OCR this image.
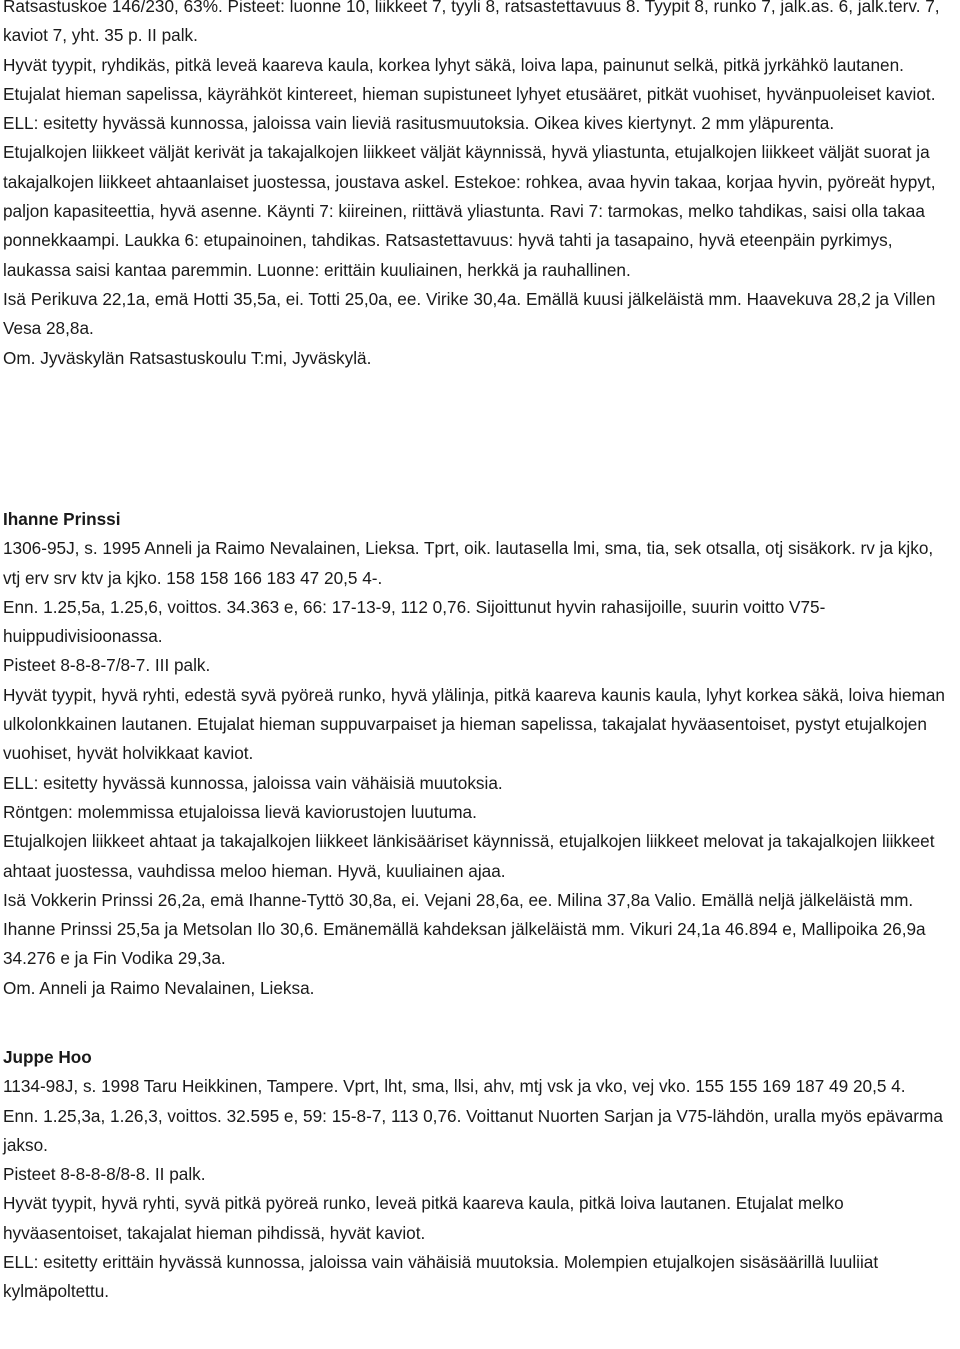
Ratsastuskoe 146/230, 63%. Pisteet: luonne 10, liikkeet 7, tyyli 8, ratsastettavuus 8. Tyypit 8, runko 7, jalk.as. 6, jalk.terv. 7, kaviot 7, yht. 35 p. II palk.

Hyvät tyypit, ryhdikäs, pitkä leveä kaareva kaula, korkea lyhyt säkä, loiva lapa, painunut selkä, pitkä jyrkähkö lautanen. Etujalat hieman sapelissa, käyrähköt kintereet, hieman supistuneet lyhyet etusääret, pitkät vuohiset, hyvänpuoleiset kaviot.

ELL: esitetty hyvässä kunnossa, jaloissa vain lieviä rasitusmuutoksia. Oikea kives kiertynyt. 2 mm yläpurenta.

Etujalkojen liikkeet väljät kerivät ja takajalkojen liikkeet väljät käynnissä, hyvä yliastunta, etujalkojen liikkeet väljät suorat ja takajalkojen liikkeet ahtaanlaiset juostessa, joustava askel. Estekoe: rohkea, avaa hyvin takaa, korjaa hyvin, pyöreät hypyt, paljon kapasiteettia, hyvä asenne. Käynti 7: kiireinen, riittävä yliastunta. Ravi 7: tarmokas, melko tahdikas, saisi olla takaa ponnekkaampi. Laukka 6: etupainoinen, tahdikas. Ratsastettavuus: hyvä tahti ja tasapaino, hyvä eteenpäin pyrkimys, laukassa saisi kantaa paremmin. Luonne: erittäin kuuliainen, herkkä ja rauhallinen.

Isä Perikuva 22,1a, emä Hotti 35,5a, ei. Totti 25,0a, ee. Virike 30,4a. Emällä kuusi jälkeläistä mm. Haavekuva 28,2 ja Villen Vesa 28,8a.

Om. Jyväskylän Ratsastuskoulu T:mi, Jyväskylä.

Ihanne Prinssi

1306-95J, s. 1995 Anneli ja Raimo Nevalainen, Lieksa. Tprt, oik. lautasella lmi, sma, tia, sek otsalla, otj sisäkork. rv ja kjko, vtj erv srv ktv ja kjko. 158 158 166 183 47 20,5 4-.

Enn. 1.25,5a, 1.25,6, voittos. 34.363 e, 66: 17-13-9, 112 0,76. Sijoittunut hyvin rahasijoille, suurin voitto V75-huippudivisioonassa.

Pisteet 8-8-8-7/8-7. III palk.

Hyvät tyypit, hyvä ryhti, edestä syvä pyöreä runko, hyvä ylälinja, pitkä kaareva kaunis kaula, lyhyt korkea säkä, loiva hieman ulkolonkkainen lautanen. Etujalat hieman suppuvarpaiset ja hieman sapelissa, takajalat hyväasentoiset, pystyt etujalkojen vuohiset, hyvät holvikkaat kaviot.

ELL: esitetty hyvässä kunnossa, jaloissa vain vähäisiä muutoksia.

Röntgen: molemmissa etujaloissa lievä kaviorustojen luutuma.

Etujalkojen liikkeet ahtaat ja takajalkojen liikkeet länkisääriset käynnissä, etujalkojen liikkeet melovat ja takajalkojen liikkeet ahtaat juostessa, vauhdissa meloo hieman. Hyvä, kuuliainen ajaa.

Isä Vokkerin Prinssi 26,2a, emä Ihanne-Tyttö 30,8a, ei. Vejani 28,6a, ee. Milina 37,8a Valio. Emällä neljä jälkeläistä mm. Ihanne Prinssi 25,5a ja Metsolan Ilo 30,6. Emänemällä kahdeksan jälkeläistä mm. Vikuri 24,1a 46.894 e, Mallipoika 26,9a 34.276 e ja Fin Vodika 29,3a.

Om. Anneli ja Raimo Nevalainen, Lieksa.

Juppe Hoo

1134-98J, s. 1998 Taru Heikkinen, Tampere. Vprt, lht, sma, llsi, ahv, mtj vsk ja vko, vej vko. 155 155 169 187 49 20,5 4.

Enn. 1.25,3a, 1.26,3, voittos. 32.595 e, 59: 15-8-7, 113 0,76. Voittanut Nuorten Sarjan ja V75-lähdön, uralla myös epävarma jakso.

Pisteet 8-8-8-8/8-8. II palk.

Hyvät tyypit, hyvä ryhti, syvä pitkä pyöreä runko, leveä pitkä kaareva kaula, pitkä loiva lautanen. Etujalat melko hyväasentoiset, takajalat hieman pihdissä, hyvät kaviot.

ELL: esitetty erittäin hyvässä kunnossa, jaloissa vain vähäisiä muutoksia. Molempien etujalkojen sisäsäärillä luuliiat kylmäpoltettu.
